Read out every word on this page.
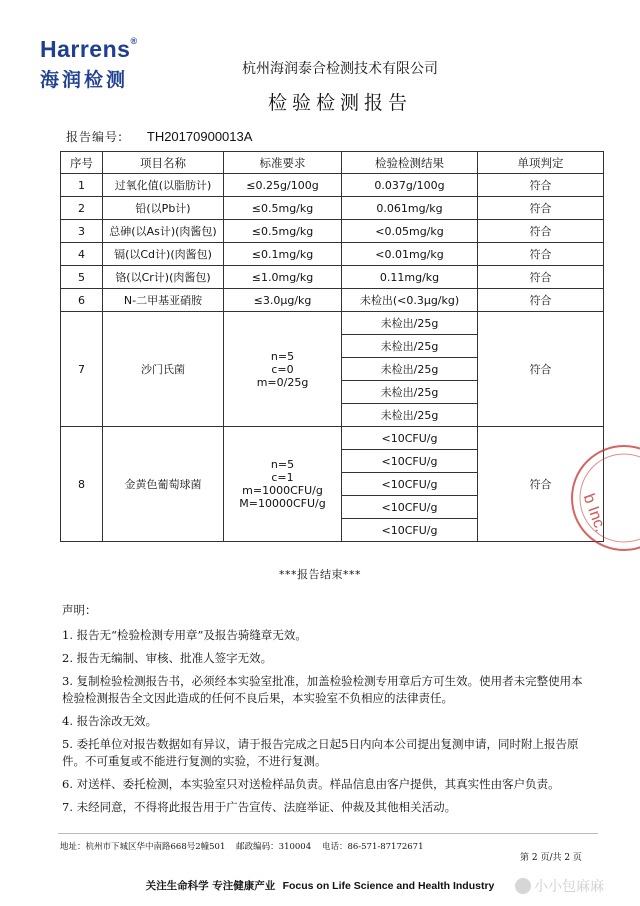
Harrens®
海润检测	杭州海润泰合检测技术有限公司
检验检测报告
报告编号: TH20170900013A
序号	项目名称	标准要求	检验检测结果	单项判定
1	过氧化值(以脂肪计)	≤0.25g/100g	0.037g/100g	符合
2	铅(以Pb计)	≤0.5mg/kg	0.061mg/kg	符合
3	总砷(以As计)(肉酱包)	≤0.5mg/kg	<0.05mg/kg	符合
4	镉(以Cd计)(肉酱包)	≤0.1mg/kg	<0.01mg/kg	符合
5	铬(以Cr计)(肉酱包)	≤1.0mg/kg	0.11mg/kg	符合
6	N-二甲基亚硝胺	≤3.0μg/kg	未检出(<0.3μg/kg)	符合
7	沙门氏菌	n=5
c=0
m=0/25g	未检出/25g	符合
			未检出/25g	
			未检出/25g	
			未检出/25g	
			未检出/25g	
8	金黄色葡萄球菌	n=5
c=1
m=1000CFU/g
M=10000CFU/g	<10CFU/g	符合
			<10CFU/g	
			<10CFU/g	
			<10CFU/g	
			<10CFU/g		b Inc.
***报告结束***
声明：

1. 报告无“检验检测专用章”及报告骑缝章无效。

2. 报告无编制、审核、批准人签字无效。

3. 复制检验检测报告书，必须经本实验室批准，加盖检验检测专用章后方可生效。使用者未完整使用本检验检测报告全文因此造成的任何不良后果，本实验室不负相应的法律责任。

4. 报告涂改无效。

5. 委托单位对报告数据如有异议，请于报告完成之日起5日内向本公司提出复测申请，同时附上报告原件。不可重复或不能进行复测的实验，不进行复测。

6. 对送样、委托检测，本实验室只对送检样品负责。样品信息由客户提供，其真实性由客户负责。

7. 未经同意，不得将此报告用于广告宣传、法庭举证、仲裁及其他相关活动。

地址：杭州市下城区华中南路668号2幢501 邮政编码：310004 电话：86-571-87172671
第 2 页/共 2 页
关注生命科学 专注健康产业 Focus on Life Science and Health Industry	小小包麻麻
